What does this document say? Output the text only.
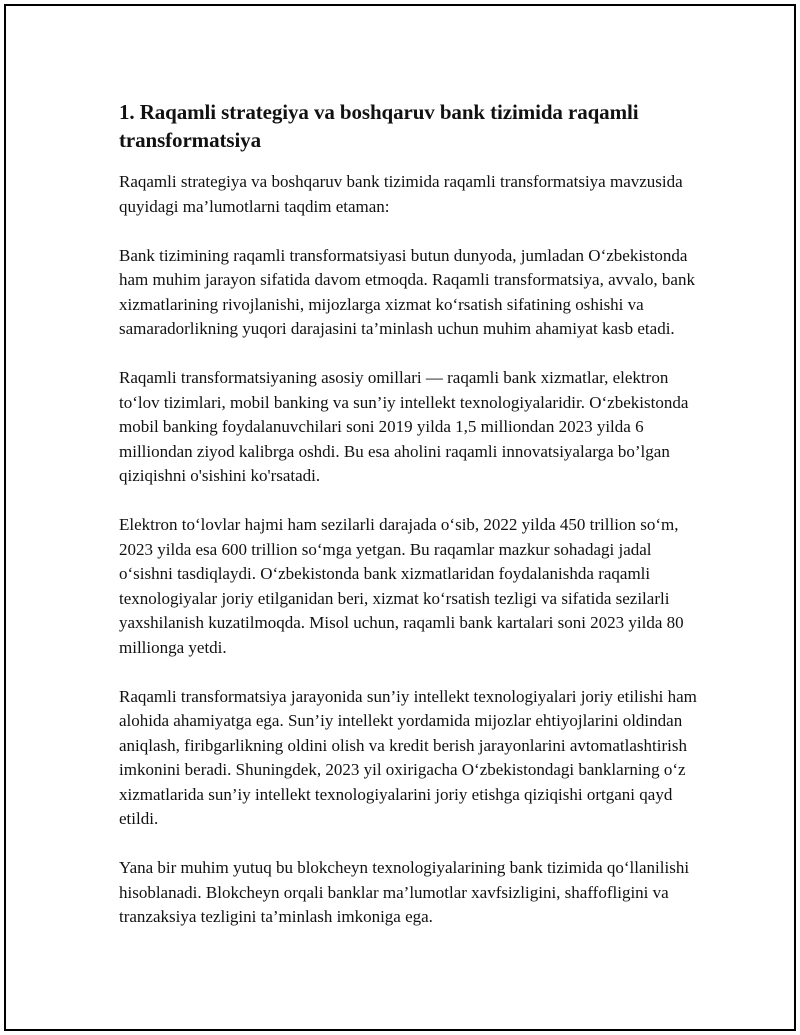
1. Raqamli strategiya va boshqaruv bank tizimida raqamli transformatsiya

Raqamli strategiya va boshqaruv bank tizimida raqamli transformatsiya mavzusida quyidagi ma’lumotlarni taqdim etaman:

Bank tizimining raqamli transformatsiyasi butun dunyoda, jumladan O‘zbekistonda ham muhim jarayon sifatida davom etmoqda. Raqamli transformatsiya, avvalo, bank xizmatlarining rivojlanishi, mijozlarga xizmat ko‘rsatish sifatining oshishi va samaradorlikning yuqori darajasini ta’minlash uchun muhim ahamiyat kasb etadi.

Raqamli transformatsiyaning asosiy omillari — raqamli bank xizmatlar, elektron to‘lov tizimlari, mobil banking va sun’iy intellekt texnologiyalaridir. O‘zbekistonda mobil banking foydalanuvchilari soni 2019 yilda 1,5 milliondan 2023 yilda 6 milliondan ziyod kalibrga oshdi. Bu esa aholini raqamli innovatsiyalarga bo’lgan qiziqishni o'sishini ko'rsatadi.

Elektron to‘lovlar hajmi ham sezilarli darajada o‘sib, 2022 yilda 450 trillion so‘m, 2023 yilda esa 600 trillion so‘mga yetgan. Bu raqamlar mazkur sohadagi jadal o‘sishni tasdiqlaydi. O‘zbekistonda bank xizmatlaridan foydalanishda raqamli texnologiyalar joriy etilganidan beri, xizmat ko‘rsatish tezligi va sifatida sezilarli yaxshilanish kuzatilmoqda. Misol uchun, raqamli bank kartalari soni 2023 yilda 80 millionga yetdi.

Raqamli transformatsiya jarayonida sun’iy intellekt texnologiyalari joriy etilishi ham alohida ahamiyatga ega. Sun’iy intellekt yordamida mijozlar ehtiyojlarini oldindan aniqlash, firibgarlikning oldini olish va kredit berish jarayonlarini avtomatlashtirish imkonini beradi. Shuningdek, 2023 yil oxirigacha O‘zbekistondagi banklarning o‘z xizmatlarida sun’iy intellekt texnologiyalarini joriy etishga qiziqishi ortgani qayd etildi.

Yana bir muhim yutuq bu blokcheyn texnologiyalarining bank tizimida qo‘llanilishi hisoblanadi. Blokcheyn orqali banklar ma’lumotlar xavfsizligini, shaffofligini va tranzaksiya tezligini ta’minlash imkoniga ega.
